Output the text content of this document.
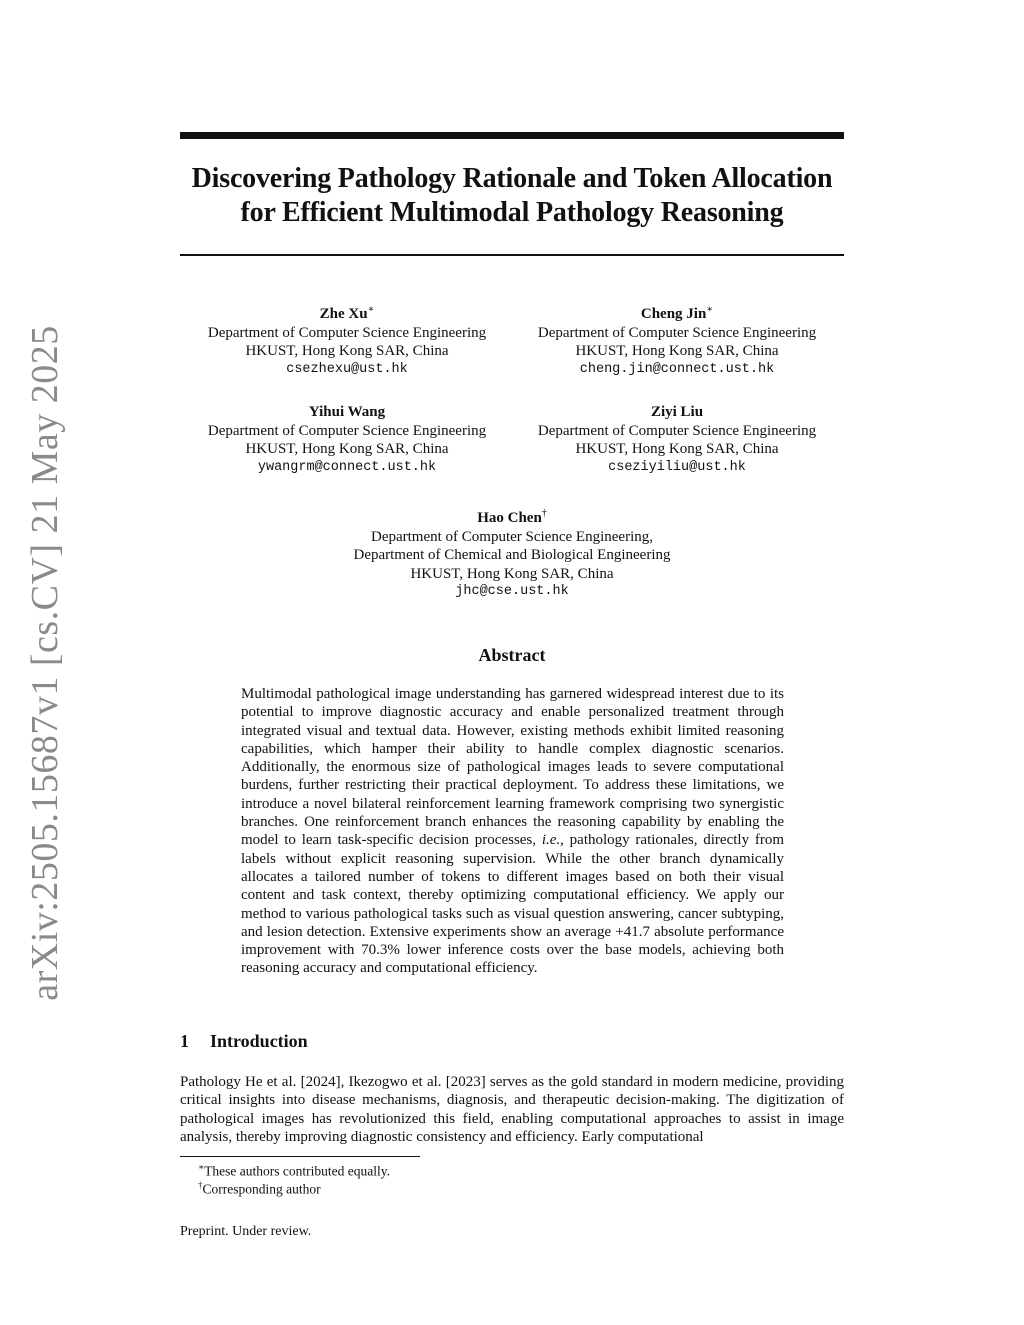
arXiv:2505.15687v1 [cs.CV] 21 May 2025
Discovering Pathology Rationale and Token Allocation
for Efficient Multimodal Pathology Reasoning
Zhe Xu∗
Department of Computer Science Engineering
HKUST, Hong Kong SAR, China
csezhexu@ust.hk
Cheng Jin∗
Department of Computer Science Engineering
HKUST, Hong Kong SAR, China
cheng.jin@connect.ust.hk
Yihui Wang
Department of Computer Science Engineering
HKUST, Hong Kong SAR, China
ywangrm@connect.ust.hk
Ziyi Liu
Department of Computer Science Engineering
HKUST, Hong Kong SAR, China
cseziyiliu@ust.hk
Hao Chen†
Department of Computer Science Engineering,
Department of Chemical and Biological Engineering
HKUST, Hong Kong SAR, China
jhc@cse.ust.hk
Abstract

Multimodal pathological image understanding has garnered widespread interest due to its potential to improve diagnostic accuracy and enable personalized treatment through integrated visual and textual data. However, existing methods exhibit limited reasoning capabilities, which hamper their ability to handle complex diagnostic scenarios. Additionally, the enormous size of pathological images leads to severe computational burdens, further restricting their practical deployment. To address these limitations, we introduce a novel bilateral reinforcement learning framework comprising two synergistic branches. One reinforcement branch enhances the reasoning capability by enabling the model to learn task-specific decision processes, i.e., pathology rationales, directly from labels without explicit reasoning supervision. While the other branch dynamically allocates a tailored number of tokens to different images based on both their visual content and task context, thereby optimizing computational efficiency. We apply our method to various pathological tasks such as visual question answering, cancer subtyping, and lesion detection. Extensive experiments show an average +41.7 absolute performance improvement with 70.3% lower inference costs over the base models, achieving both reasoning accuracy and computational efficiency.

1 Introduction

Pathology He et al. [2024], Ikezogwo et al. [2023] serves as the gold standard in modern medicine, providing critical insights into disease mechanisms, diagnosis, and therapeutic decision-making. The digitization of pathological images has revolutionized this field, enabling computational approaches to assist in image analysis, thereby improving diagnostic consistency and efficiency. Early computational

∗These authors contributed equally.
†Corresponding author
Preprint. Under review.
